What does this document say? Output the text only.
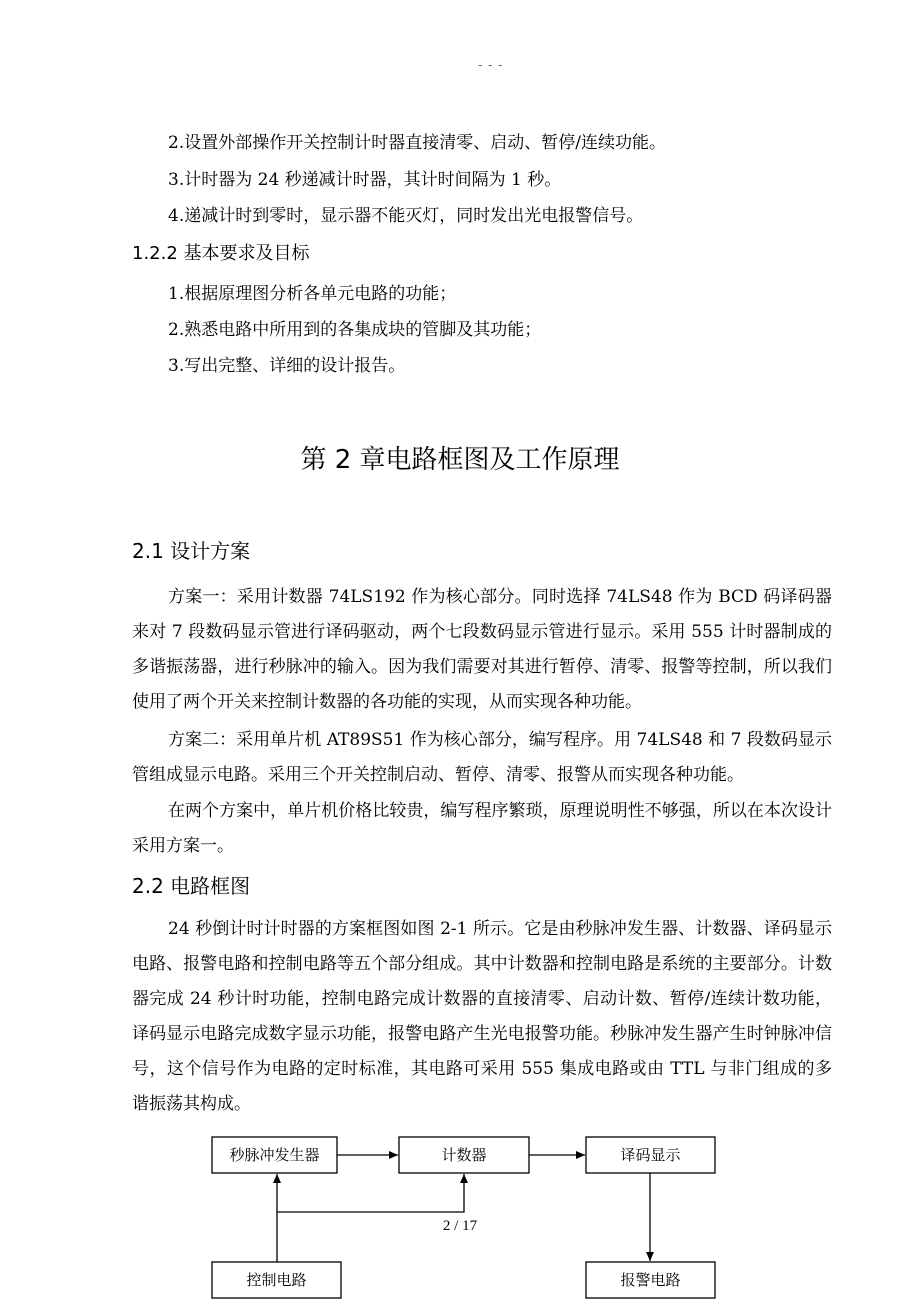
- - -
2.设置外部操作开关控制计时器直接清零、启动、暂停/连续功能。
3.计时器为 24 秒递减计时器，其计时间隔为 1 秒。
4.递减计时到零时，显示器不能灭灯，同时发出光电报警信号。
1.2.2 基本要求及目标
1.根据原理图分析各单元电路的功能；
2.熟悉电路中所用到的各集成块的管脚及其功能；
3.写出完整、详细的设计报告。
第 2 章电路框图及工作原理
2.1 设计方案
方案一：采用计数器 74LS192 作为核心部分。同时选择 74LS48 作为 BCD 码译码器来对 7 段数码显示管进行译码驱动，两个七段数码显示管进行显示。采用 555 计时器制成的多谐振荡器，进行秒脉冲的输入。因为我们需要对其进行暂停、清零、报警等控制，所以我们使用了两个开关来控制计数器的各功能的实现，从而实现各种功能。
方案二：采用单片机 AT89S51 作为核心部分，编写程序。用 74LS48 和 7 段数码显示管组成显示电路。采用三个开关控制启动、暂停、清零、报警从而实现各种功能。
在两个方案中，单片机价格比较贵，编写程序繁琐，原理说明性不够强，所以在本次设计采用方案一。
2.2 电路框图
24 秒倒计时计时器的方案框图如图 2-1 所示。它是由秒脉冲发生器、计数器、译码显示电路、报警电路和控制电路等五个部分组成。其中计数器和控制电路是系统的主要部分。计数器完成 24 秒计时功能，控制电路完成计数器的直接清零、启动计数、暂停/连续计数功能，译码显示电路完成数字显示功能，报警电路产生光电报警功能。秒脉冲发生器产生时钟脉冲信号，这个信号作为电路的定时标准，其电路可采用 555 集成电路或由 TTL 与非门组成的多谐振荡其构成。
秒脉冲发生器	计数器	译码显示
控制电路	报警电路
2 / 17
